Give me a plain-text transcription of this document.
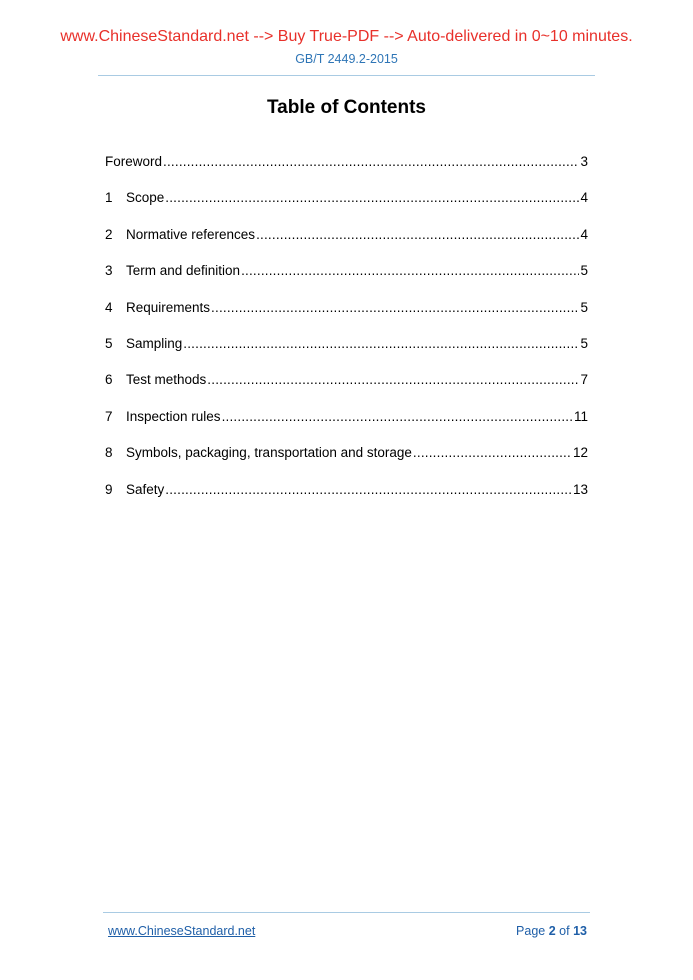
www.ChineseStandard.net --> Buy True-PDF --> Auto-delivered in 0~10 minutes.
GB/T 2449.2-2015
Table of Contents
Foreword .....	3
1 Scope .....	4
2 Normative references .....	4
3 Term and definition .....	5
4 Requirements .....	5
5 Sampling .....	5
6 Test methods .....	7
7 Inspection rules .....	11
8 Symbols, packaging, transportation and storage .....	12
9 Safety .....	13
www.ChineseStandard.net	Page 2 of 13
